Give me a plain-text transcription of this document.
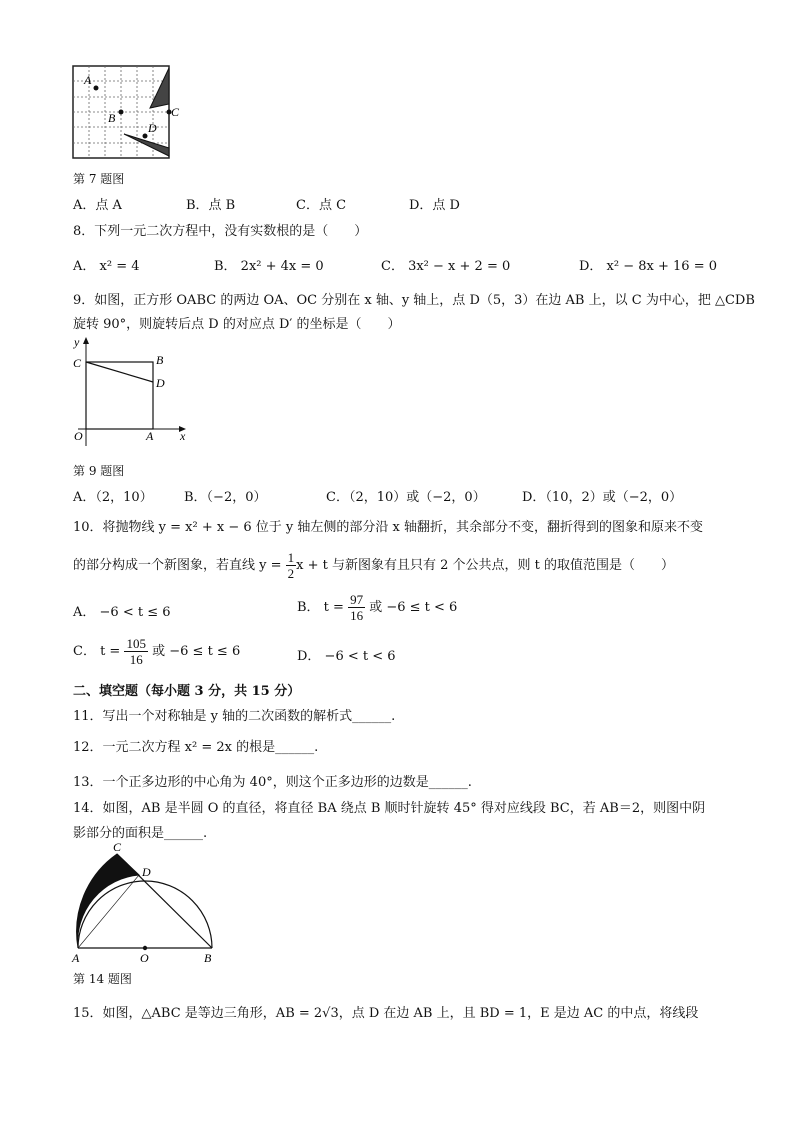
A
B	C
D
第 7 题图
A．点 A	B．点 B	C．点 C	D．点 D
8．下列一元二次方程中，没有实数根的是（　　）
A． x² = 4	B． 2x² + 4x = 0	C． 3x² − x + 2 = 0	D． x² − 8x + 16 = 0
9．如图，正方形 OABC 的两边 OA、OC 分别在 x 轴、y 轴上，点 D（5，3）在边 AB 上，以 C 为中心，把 △CDB
旋转 90°，则旋转后点 D 的对应点 D′ 的坐标是（　　）
y
x
C	B
D
O	A
第 9 题图
A．（2，10） B．（−2，0）	C．（2，10）或（−2，0）	D．（10，2）或（−2，0）
10．将抛物线 y = x² + x − 6 位于 y 轴左侧的部分沿 x 轴翻折，其余部分不变，翻折得到的图象和原来不变
的部分构成一个新图象，若直线 $y = \frac{1}{2}$ x + t 与新图象有且只有 2 个公共点，则 t 的取值范围是（　　）
A． −6 < t ≤ 6	B． $t = \frac{97}{16}$ 或 −6 ≤ t < 6
C． $t = \frac{105}{16}$ 或 −6 ≤ t ≤ 6	D． −6 < t < 6
二、填空题（每小题 3 分，共 15 分）
11．写出一个对称轴是 y 轴的二次函数的解析式______.
12．一元二次方程 x² = 2x 的根是______.
13．一个正多边形的中心角为 40°，则这个正多边形的边数是______.
14．如图，AB 是半圆 O 的直径，将直径 BA 绕点 B 顺时针旋转 45° 得对应线段 BC，若 AB＝2，则图中阴
影部分的面积是______.
C
D
A	O	B
第 14 题图
15．如图，△ABC 是等边三角形，AB = 2√3，点 D 在边 AB 上，且 BD = 1，E 是边 AC 的中点，将线段
